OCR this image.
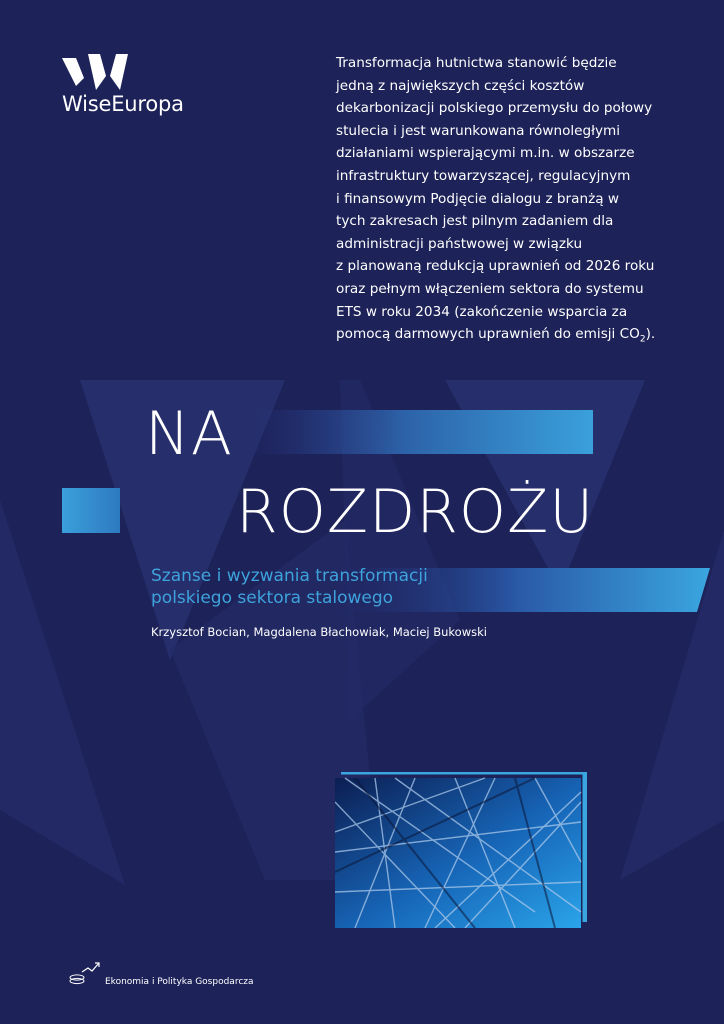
WiseEuropa
Transformacja hutnictwa stanowić będzie
jedną z największych części kosztów
dekarbonizacji polskiego przemysłu do połowy
stulecia i jest warunkowana równoległymi
działaniami wspierającymi m.in. w obszarze
infrastruktury towarzyszącej, regulacyjnym
i finansowym Podjęcie dialogu z branżą w
tych zakresach jest pilnym zadaniem dla
administracji państwowej w związku
z planowaną redukcją uprawnień od 2026 roku
oraz pełnym włączeniem sektora do systemu
ETS w roku 2034 (zakończenie wsparcia za
pomocą darmowych uprawnień do emisji $CO_2$).
NA
ROZDROŻU
Szanse i wyzwania transformacji
polskiego sektora stalowego
Krzysztof Bocian, Magdalena Błachowiak, Maciej Bukowski
Ekonomia i Polityka Gospodarcza
